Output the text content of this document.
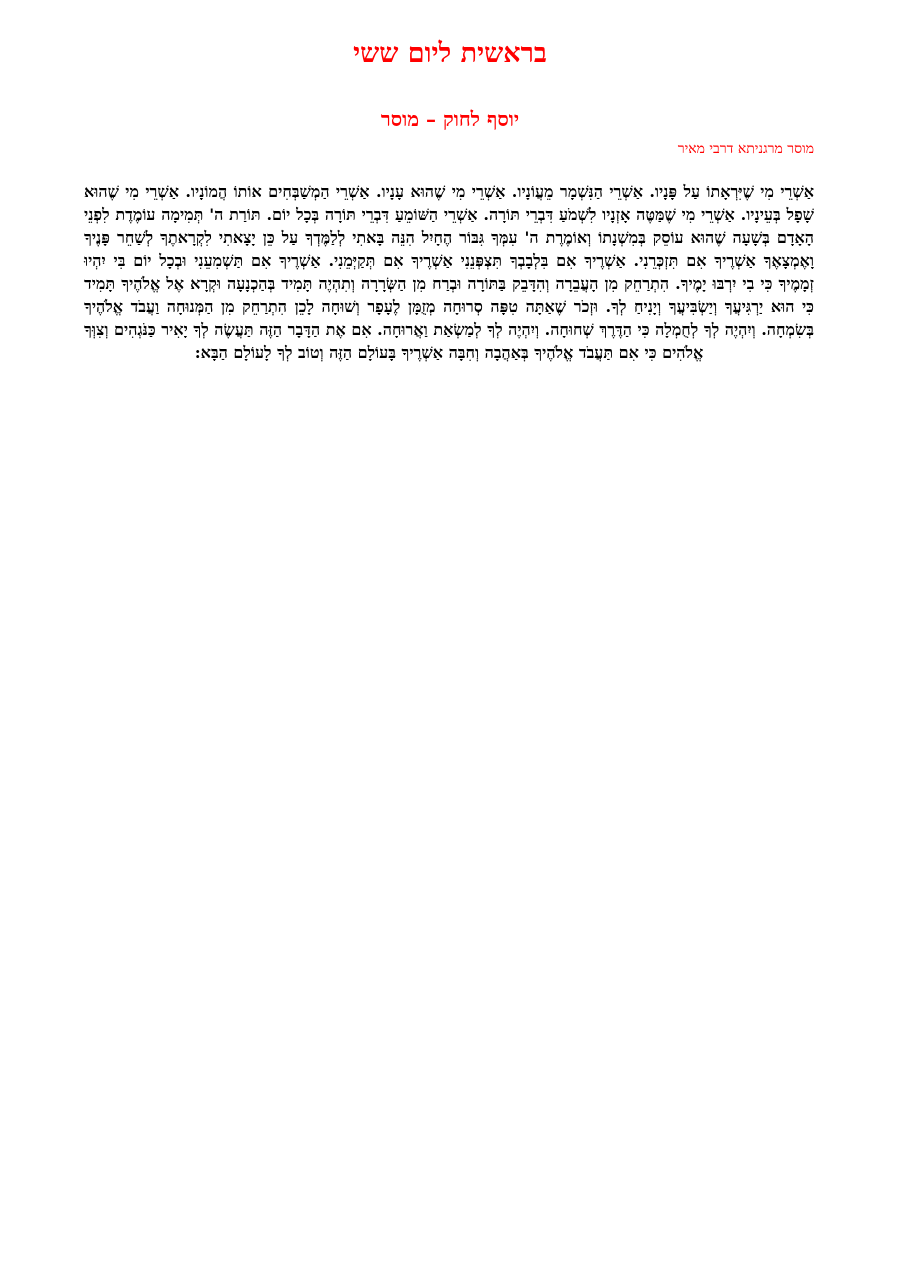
בראשית ליום ששי
יוסף לחוק – מוסר

מוסר מרגניתא דרבי מאיר

אַשְׁרֵי מִי שֶׁיִּרְאָתוֹ עַל פָּנָיו. אַשְׁרֵי הַנִּשְׁמָר מֵעֲוֹנָיו. אַשְׁרֵי מִי שֶׁהוּא עָנָיו. אַשְׁרֵי הַמְשַׁבְּחִים אוֹתוֹ הֲמוֹנָיו. אַשְׁרֵי מִי שֶׁהוּא שָׁפָל בְּעֵינָיו. אַשְׁרֵי מִי שֶׁמַּטֶּה אָזְנָיו לִשְׁמֹעַ דִּבְרֵי תּוֹרָה. אַשְׁרֵי הַשּׁוֹמֵעַ דִּבְרֵי תּוֹרָה בְּכָל יוֹם. תּוֹרַת ה' תְּמִימָה עוֹמֶדֶת לִפְנֵי הָאָדָם בְּשָׁעָה שֶׁהוּא עוֹסֵק בְּמִשְׁנָתוֹ וְאוֹמֶרֶת ה' עִמְּךָ גִּבּוֹר הֶחָיִל הִנֵּה בָּאתִי לְלַמֶּדְךָ עַל כֵּן יָצָאתִי לִקְרָאתֶךָ לְשַׁחֵר פָּנֶיךָ וָאֶמְצָאֶךָ אַשְׁרֶיךָ אִם תִּזְכְּרֵנִי. אַשְׁרֶיךָ אִם בִּלְבָבְךָ תִּצְפְּנֵנִי אַשְׁרֶיךָ אִם תְּקַיְּמֵנִי. אַשְׁרֶיךָ אִם תַּשְׁמִעֵנִי וּבְכָל יוֹם בִּי יִהְיוּ זְמָמֶיךָ כִּי בִי יִרְבּוּ יָמֶיךָ. הִתְרַחֵק מִן הָעֲבֵרָה וְהִדָּבֵק בַּתּוֹרָה וּבְרַח מִן הַשְּׂרָרָה וְתִהְיֶה תָּמִיד בְּהַכְנָעָה וּקְרָא אֶל אֱלֹהֶיךָ תָּמִיד כִּי הוּא יַרְגִּיעֲךָ וְיַשְׂבִּיעֲךָ וְיָנִיחַ לְךָ. וּזְכֹר שֶׁאַתָּה טִפָּה סְרוּחָה מְזֻמָּן לֶעָפָר וְשׁוּחָה לָכֵן הִתְרַחֵק מִן הַמְּנוּחָה וַעֲבֹד אֱלֹהֶיךָ בְּשִׂמְחָה. וְיִהְיֶה לְךָ לְחֻמְלָה כִּי הַדֶּרֶךְ שְׁחוּחָה. וְיִהְיֶה לְךָ לְמַשְׂאַת וַאֲרוּחָה. אִם אֶת הַדָּבָר הַזֶּה תַּעֲשֶׂה לְךָ יָאִיר כַּנֹּגְהִים וְצִוְּךָ אֱלֹהִים כִּי אִם תַּעֲבֹד אֱלֹהֶיךָ בְּאַהֲבָה וְחִבָּה אַשְׁרֶיךָ בָּעוֹלָם הַזֶּה וְטוֹב לְךָ לָעוֹלָם הַבָּא:
